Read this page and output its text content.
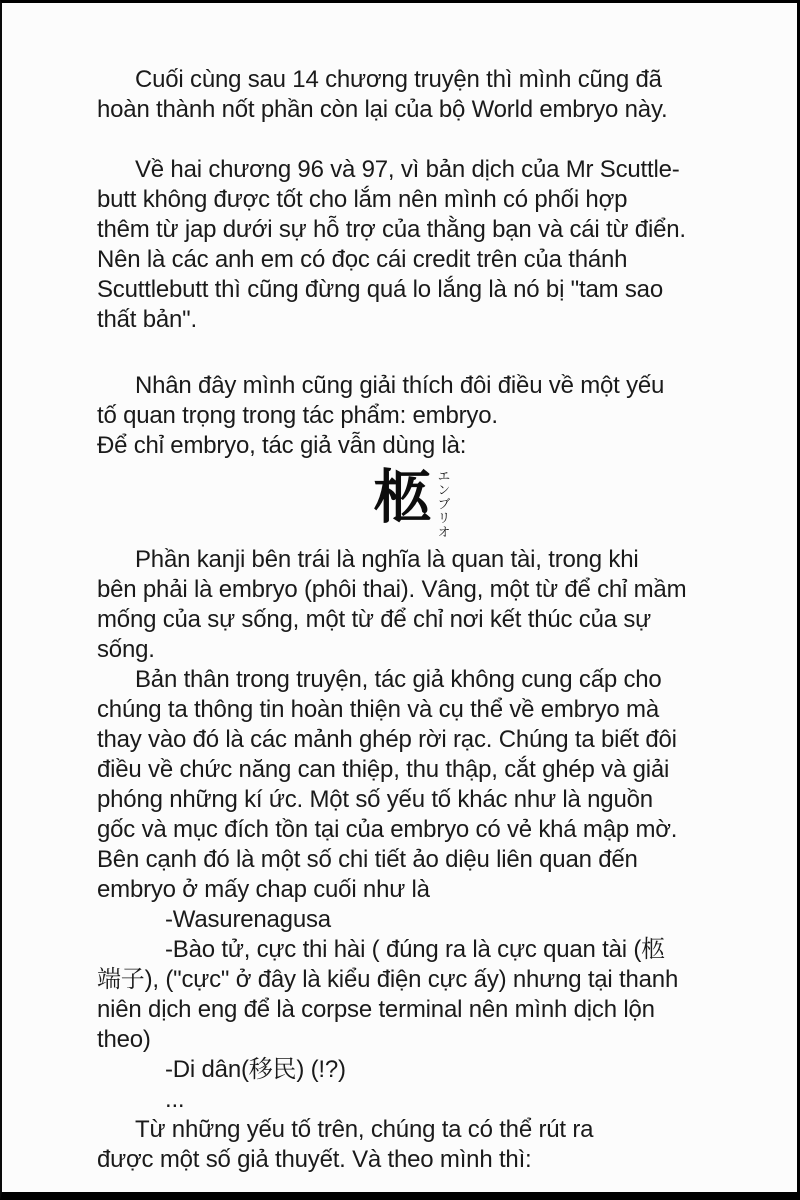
Cuối cùng sau 14 chương truyện thì mình cũng đã
hoàn thành nốt phần còn lại của bộ World embryo này.
Về hai chương 96 và 97, vì bản dịch của Mr Scuttle-
butt không được tốt cho lắm nên mình có phối hợp
thêm từ jap dưới sự hỗ trợ của thằng bạn và cái từ điển.
Nên là các anh em có đọc cái credit trên của thánh
Scuttlebutt thì cũng đừng quá lo lắng là nó bị "tam sao
thất bản".
Nhân đây mình cũng giải thích đôi điều về một yếu
tố quan trọng trong tác phẩm: embryo.
Để chỉ embryo, tác giả vẫn dùng là:
柩 エンブリオ
Phần kanji bên trái là nghĩa là quan tài, trong khi
bên phải là embryo (phôi thai). Vâng, một từ để chỉ mầm
mống của sự sống, một từ để chỉ nơi kết thúc của sự
sống.
Bản thân trong truyện, tác giả không cung cấp cho
chúng ta thông tin hoàn thiện và cụ thể về embryo mà
thay vào đó là các mảnh ghép rời rạc. Chúng ta biết đôi
điều về chức năng can thiệp, thu thập, cắt ghép và giải
phóng những kí ức. Một số yếu tố khác như là nguồn
gốc và mục đích tồn tại của embryo có vẻ khá mập mờ.
Bên cạnh đó là một số chi tiết ảo diệu liên quan đến
embryo ở mấy chap cuối như là
-Wasurenagusa
-Bào tử, cực thi hài ( đúng ra là cực quan tài (柩
端子), ("cực" ở đây là kiểu điện cực ấy) nhưng tại thanh
niên dịch eng để là corpse terminal nên mình dịch lộn
theo)
-Di dân(移民) (!?)
...
Từ những yếu tố trên, chúng ta có thể rút ra
được một số giả thuyết. Và theo mình thì:
